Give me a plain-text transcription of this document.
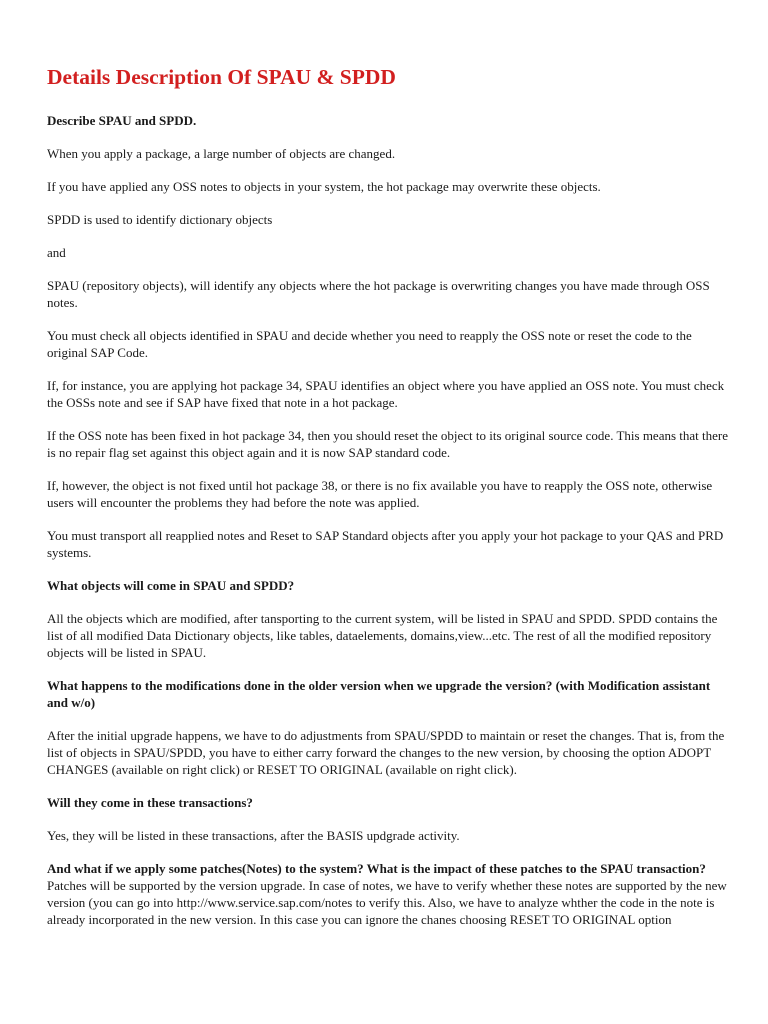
Details Description Of SPAU & SPDD

Describe SPAU and SPDD.

When you apply a package, a large number of objects are changed.

If you have applied any OSS notes to objects in your system, the hot package may overwrite these objects.

SPDD is used to identify dictionary objects

and

SPAU (repository objects), will identify any objects where the hot package is overwriting changes you have made through OSS notes.

You must check all objects identified in SPAU and decide whether you need to reapply the OSS note or reset the code to the original SAP Code.

If, for instance, you are applying hot package 34, SPAU identifies an object where you have applied an OSS note. You must check the OSSs note and see if SAP have fixed that note in a hot package.

If the OSS note has been fixed in hot package 34, then you should reset the object to its original source code. This means that there is no repair flag set against this object again and it is now SAP standard code.

If, however, the object is not fixed until hot package 38, or there is no fix available you have to reapply the OSS note, otherwise users will encounter the problems they had before the note was applied.

You must transport all reapplied notes and Reset to SAP Standard objects after you apply your hot package to your QAS and PRD systems.

What objects will come in SPAU and SPDD?

All the objects which are modified, after tansporting to the current system, will be listed in SPAU and SPDD. SPDD contains the list of all modified Data Dictionary objects, like tables, dataelements, domains,view...etc. The rest of all the modified repository objects will be listed in SPAU.

What happens to the modifications done in the older version when we upgrade the version? (with Modification assistant and w/o)

After the initial upgrade happens, we have to do adjustments from SPAU/SPDD to maintain or reset the changes. That is, from the list of objects in SPAU/SPDD, you have to either carry forward the changes to the new version, by choosing the option ADOPT CHANGES (available on right click) or RESET TO ORIGINAL (available on right click).

Will they come in these transactions?

Yes, they will be listed in these transactions, after the BASIS updgrade activity.

And what if we apply some patches(Notes) to the system? What is the impact of these patches to the SPAU transaction?

Patches will be supported by the version upgrade. In case of notes, we have to verify whether these notes are supported by the new version (you can go into http://www.service.sap.com/notes to verify this. Also, we have to analyze whther the code in the note is already incorporated in the new version. In this case you can ignore the chanes choosing RESET TO ORIGINAL option
